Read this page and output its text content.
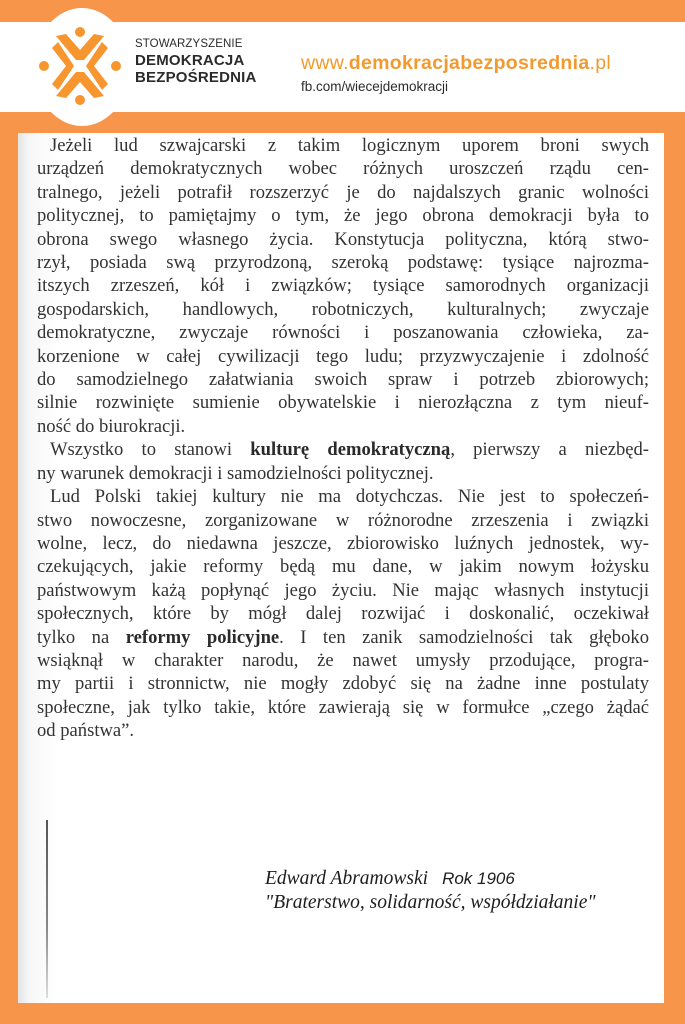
STOWARZYSZENIE
DEMOKRACJA
BEZPOŚREDNIA
www.demokracjabezposrednia.pl
fb.com/wiecejdemokracji
Jeżeli lud szwajcarski z takim logicznym uporem broni swych
urządzeń demokratycznych wobec różnych uroszczeń rządu cen-
tralnego, jeżeli potrafił rozszerzyć je do najdalszych granic wolności
politycznej, to pamiętajmy o tym, że jego obrona demokracji była to
obrona swego własnego życia. Konstytucja polityczna, którą stwo-
rzył, posiada swą przyrodzoną, szeroką podstawę: tysiące najrozma-
itszych zrzeszeń, kół i związków; tysiące samorodnych organizacji
gospodarskich, handlowych, robotniczych, kulturalnych; zwyczaje
demokratyczne, zwyczaje równości i poszanowania człowieka, za-
korzenione w całej cywilizacji tego ludu; przyzwyczajenie i zdolność
do samodzielnego załatwiania swoich spraw i potrzeb zbiorowych;
silnie rozwinięte sumienie obywatelskie i nierozłączna z tym nieuf-
ność do biurokracji.
Wszystko to stanowi kulturę demokratyczną, pierwszy a niezbęd-
ny warunek demokracji i samodzielności politycznej.
Lud Polski takiej kultury nie ma dotychczas. Nie jest to społeczeń-
stwo nowoczesne, zorganizowane w różnorodne zrzeszenia i związki
wolne, lecz, do niedawna jeszcze, zbiorowisko luźnych jednostek, wy-
czekujących, jakie reformy będą mu dane, w jakim nowym łożysku
państwowym każą popłynąć jego życiu. Nie mając własnych instytucji
społecznych, które by mógł dalej rozwijać i doskonalić, oczekiwał
tylko na reformy policyjne. I ten zanik samodzielności tak głęboko
wsiąknął w charakter narodu, że nawet umysły przodujące, progra-
my partii i stronnictw, nie mogły zdobyć się na żadne inne postulaty
społeczne, jak tylko takie, które zawierają się w formułce „czego żądać
od państwa”.
Edward Abramowski Rok 1906
"Braterstwo, solidarność, współdziałanie"
